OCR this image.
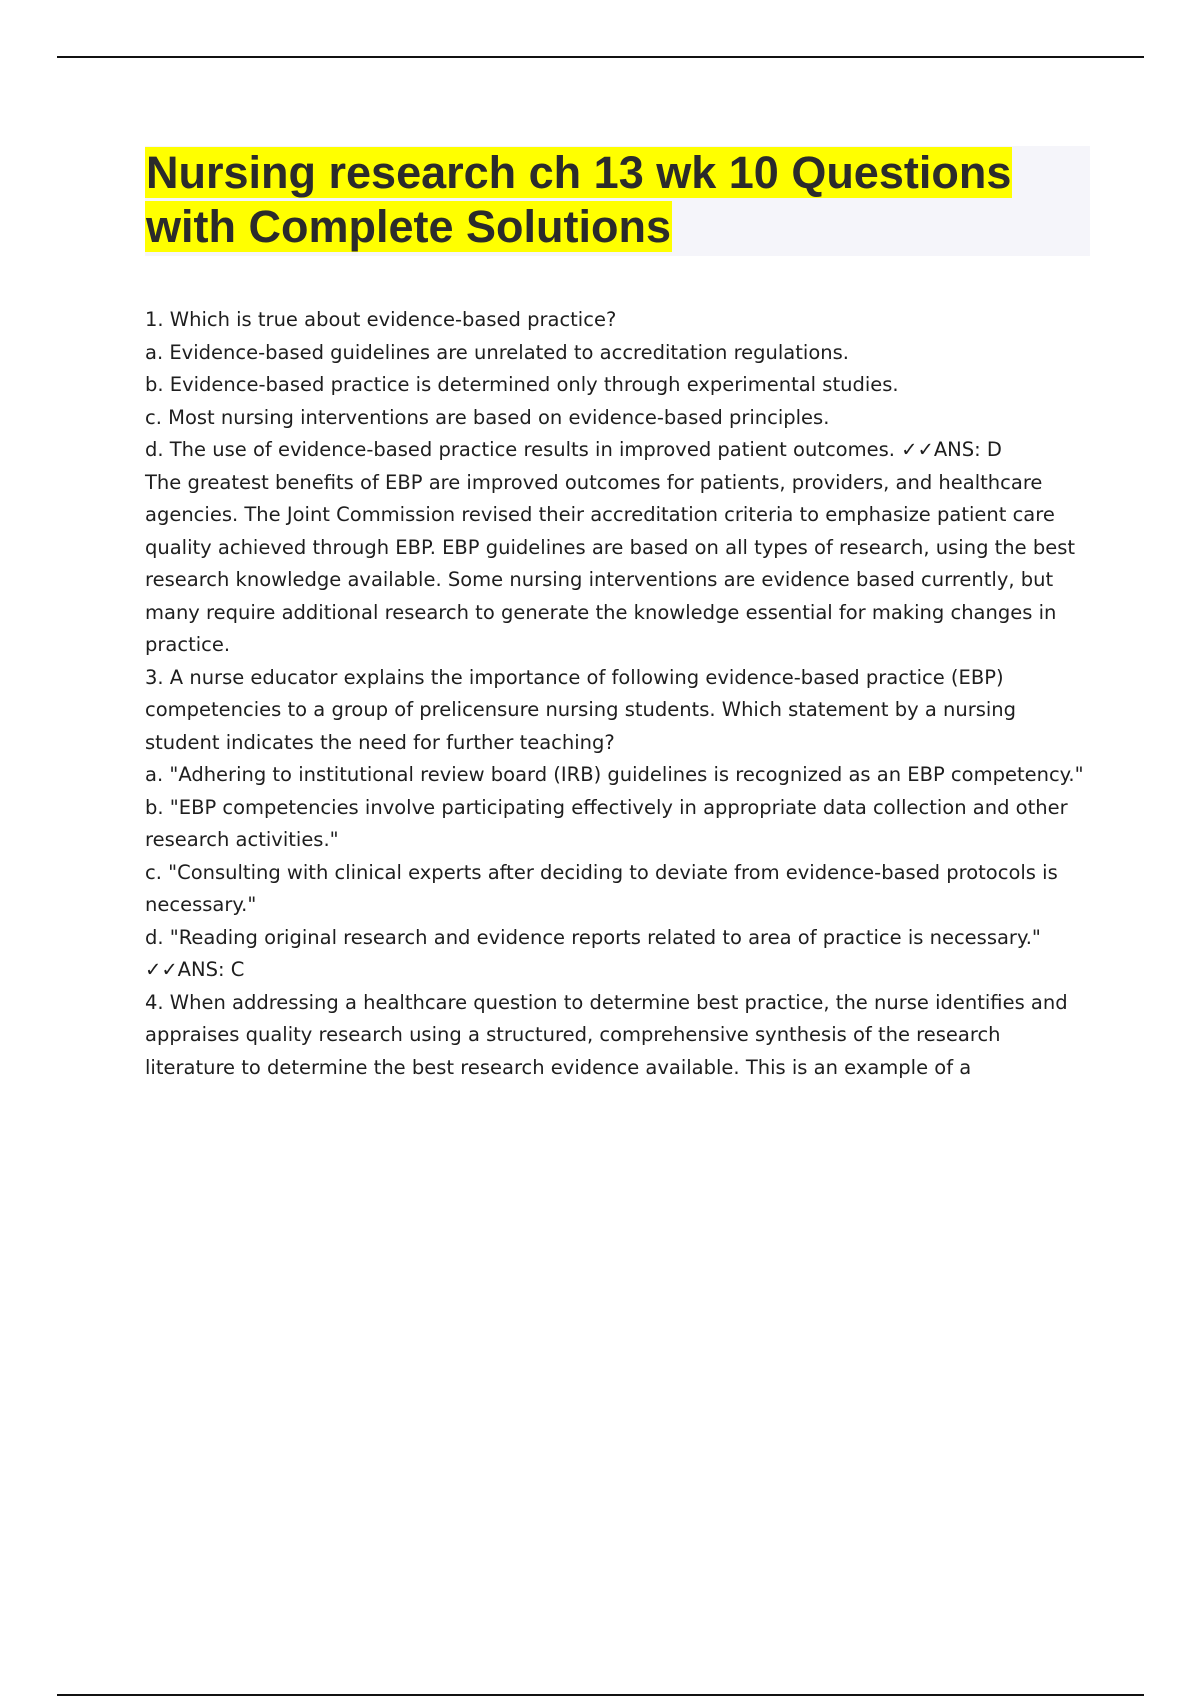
Nursing research ch 13 wk 10 Questions with Complete Solutions

1. Which is true about evidence-based practice?

a. Evidence-based guidelines are unrelated to accreditation regulations.

b. Evidence-based practice is determined only through experimental studies.

c. Most nursing interventions are based on evidence-based principles.

d. The use of evidence-based practice results in improved patient outcomes. ✓✓ANS: D

The greatest benefits of EBP are improved outcomes for patients, providers, and healthcare agencies. The Joint Commission revised their accreditation criteria to emphasize patient care quality achieved through EBP. EBP guidelines are based on all types of research, using the best research knowledge available. Some nursing interventions are evidence based currently, but many require additional research to generate the knowledge essential for making changes in practice.

3. A nurse educator explains the importance of following evidence-based practice (EBP) competencies to a group of prelicensure nursing students. Which statement by a nursing student indicates the need for further teaching?

a. "Adhering to institutional review board (IRB) guidelines is recognized as an EBP competency."

b. "EBP competencies involve participating effectively in appropriate data collection and other research activities."

c. "Consulting with clinical experts after deciding to deviate from evidence-based protocols is necessary."

d. "Reading original research and evidence reports related to area of practice is necessary." ✓✓ANS: C

4. When addressing a healthcare question to determine best practice, the nurse identifies and appraises quality research using a structured, comprehensive synthesis of the research literature to determine the best research evidence available. This is an example of a
